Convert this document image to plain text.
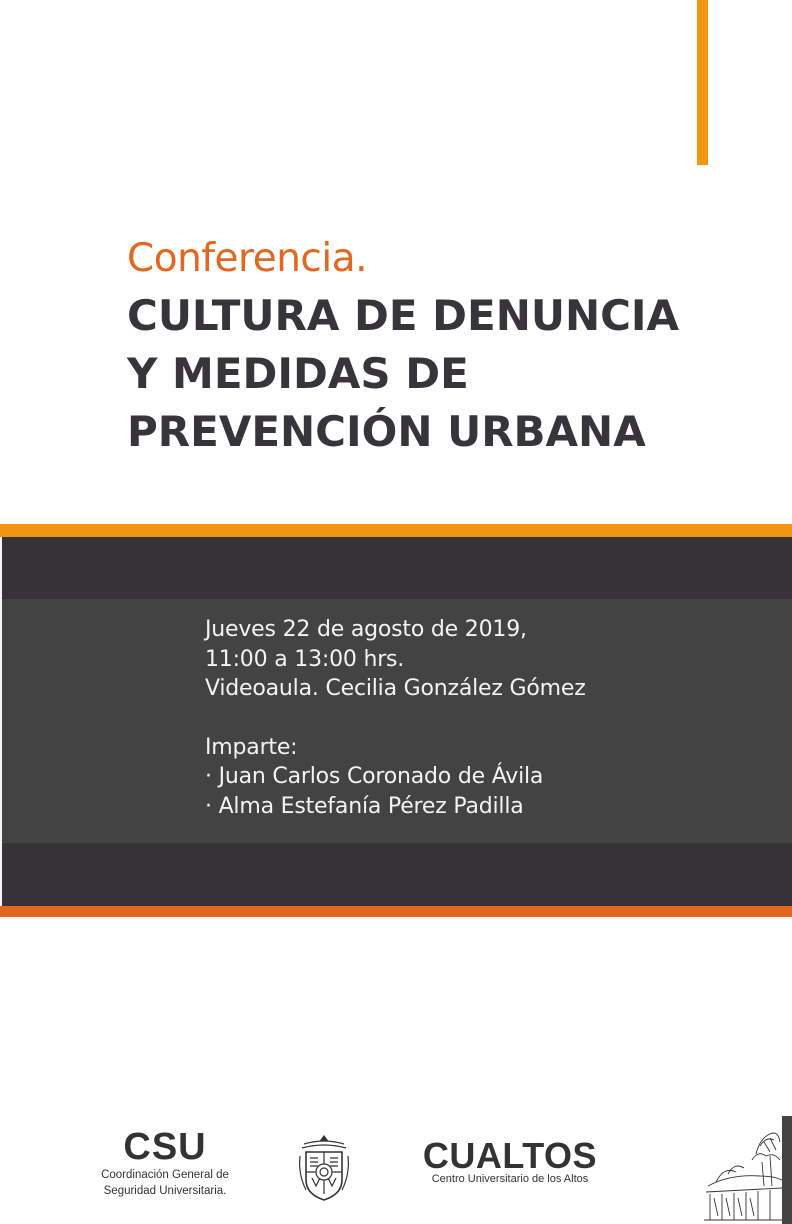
Conferencia.
CULTURA DE DENUNCIA
Y MEDIDAS DE
PREVENCIÓN URBANA
Jueves 22 de agosto de 2019,
11:00 a 13:00 hrs.
Videoaula. Cecilia González Gómez
Imparte:
· Juan Carlos Coronado de Ávila
· Alma Estefanía Pérez Padilla
CSU
Coordinación General de
Seguridad Universitaria.
CUALTOS
Centro Universitario de los Altos
